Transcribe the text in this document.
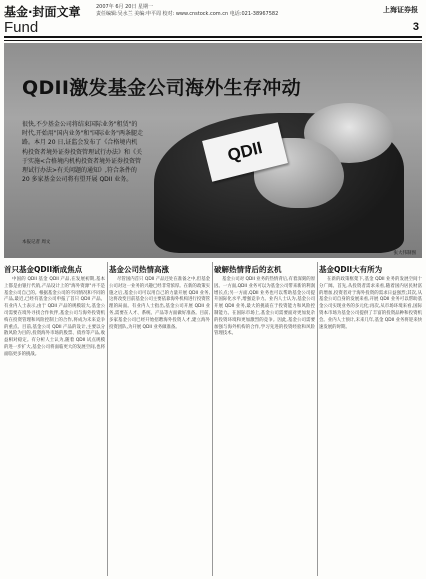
基金·封面文章
Fund
2007年 6月 20日 星期一
责任编辑:吴水兰 美编:申平周 校对: www.cnstock.com.cn 电话:021-38967582	上海证券报
3
QDII
QDII激发基金公司海外生存冲动
很快,不少基金公司将结束国际业务"租赁"的时代,开始用"国内业务"和"国际业务"两条腿走路。本月 20 日,证监会发布了《合格境内机构投资者境外证券投资管理试行办法》和《关于实施<合格境内机构投资者境外证券投资管理试行办法>有关问题的通知》,符合条件的 20 多家基金公司将有望开展 QDII 业务。
本报记者 周文
张大伟制图
首只基金QDII渐成焦点

中国的 QDII 基金 QDII 产品,在发展初期,基本上都是由银行代销,产品设计上的"海外资源"并不是基金公司自己的。根据基金公司的不同情况和不同的产品,最近,已经有基金公司申报了首只 QDII 产品。有业内人士表示,由于 QDII 产品的规模较大,基金公司需要在境外寻找合作伙伴,基金公司与海外投资机构在投资管理和风险控制上的合作,将成为未来竞争的重点。目前,基金公司 QDII 产品的设计,主要以分散风险为目的,投资海外市场的股票、债券等产品,收益相对稳定。有分析人士认为,随着 QDII 试点规模的进一步扩大,基金公司将面临更大的发展空间,也将面临更多的挑战。

基金公司热情高涨

尽管国内首只 QDII 产品还处在准备之中,但基金公司对这一业务的兴趣已经非常浓厚。在新的政策实施之后,基金公司可以用自己的力量开展 QDII 业务,这将改变目前基金公司主要依靠海外机构进行投资管理的局面。有业内人士指出,基金公司开展 QDII 业务,需要在人才、系统、产品等方面做好准备。目前,多家基金公司已经开始招聘海外投资人才,建立海外投资团队,为开展 QDII 业务做准备。

破解热情背后的玄机

基金公司对 QDII 业务的热情背后,有着深刻的原因。一方面,QDII 业务可以为基金公司带来新的利润增长点;另一方面,QDII 业务也可以帮助基金公司提升国际化水平,增强竞争力。业内人士认为,基金公司开展 QDII 业务,最大的挑战在于投资能力和风险控制能力。在国际市场上,基金公司需要面对更加复杂的投资环境和更加激烈的竞争。因此,基金公司需要加强与海外机构的合作,学习先进的投资经验和风险管理技术。

基金QDII大有所为

在新的政策框架下,基金 QDII 业务的发展空间十分广阔。首先,从投资者需求来看,随着国内居民财富的增加,投资者对于海外投资的需求日益强烈;其次,从基金公司自身的发展来看,开展 QDII 业务可以帮助基金公司实现业务的多元化;再次,从市场环境来看,国际资本市场为基金公司提供了丰富的投资品种和投资机会。业内人士预计,未来几年,基金 QDII 业务将迎来快速发展的时期。
